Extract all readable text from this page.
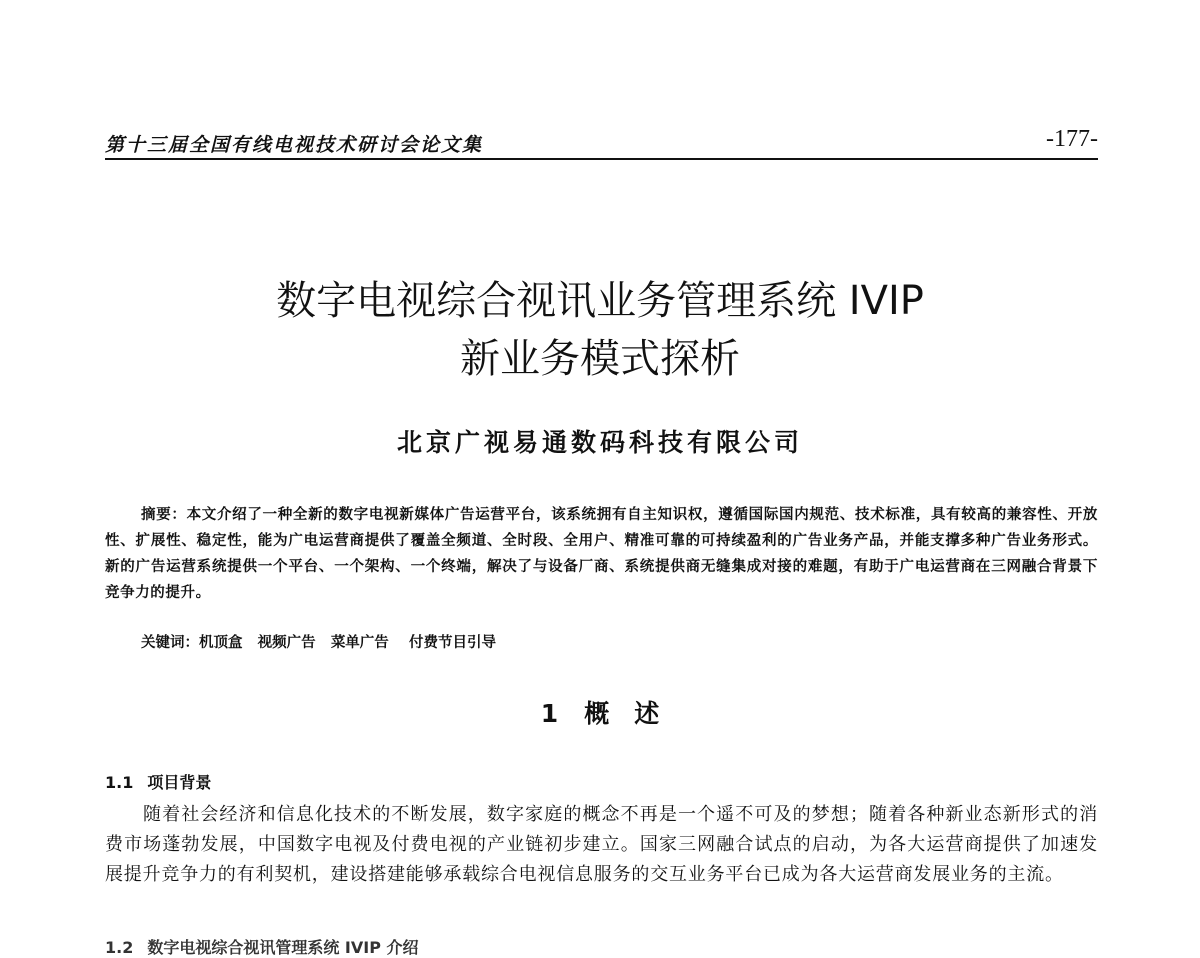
第十三届全国有线电视技术研讨会论文集	-177-
数字电视综合视讯业务管理系统 IVIP
新业务模式探析
北京广视易通数码科技有限公司

摘要：本文介绍了一种全新的数字电视新媒体广告运营平台，该系统拥有自主知识权，遵循国际国内规范、技术标准，具有较高的兼容性、开放性、扩展性、稳定性，能为广电运营商提供了覆盖全频道、全时段、全用户、精准可靠的可持续盈利的广告业务产品，并能支撑多种广告业务形式。新的广告运营系统提供一个平台、一个架构、一个终端，解决了与设备厂商、系统提供商无缝集成对接的难题，有助于广电运营商在三网融合背景下竞争力的提升。

关键词：机顶盒 视频广告 菜单广告 付费节目引导
1 概　述
1.1 项目背景

随着社会经济和信息化技术的不断发展，数字家庭的概念不再是一个遥不可及的梦想；随着各种新业态新形式的消费市场蓬勃发展，中国数字电视及付费电视的产业链初步建立。国家三网融合试点的启动，为各大运营商提供了加速发展提升竞争力的有利契机，建设搭建能够承载综合电视信息服务的交互业务平台已成为各大运营商发展业务的主流。

1.2 数字电视综合视讯管理系统 IVIP 介绍
